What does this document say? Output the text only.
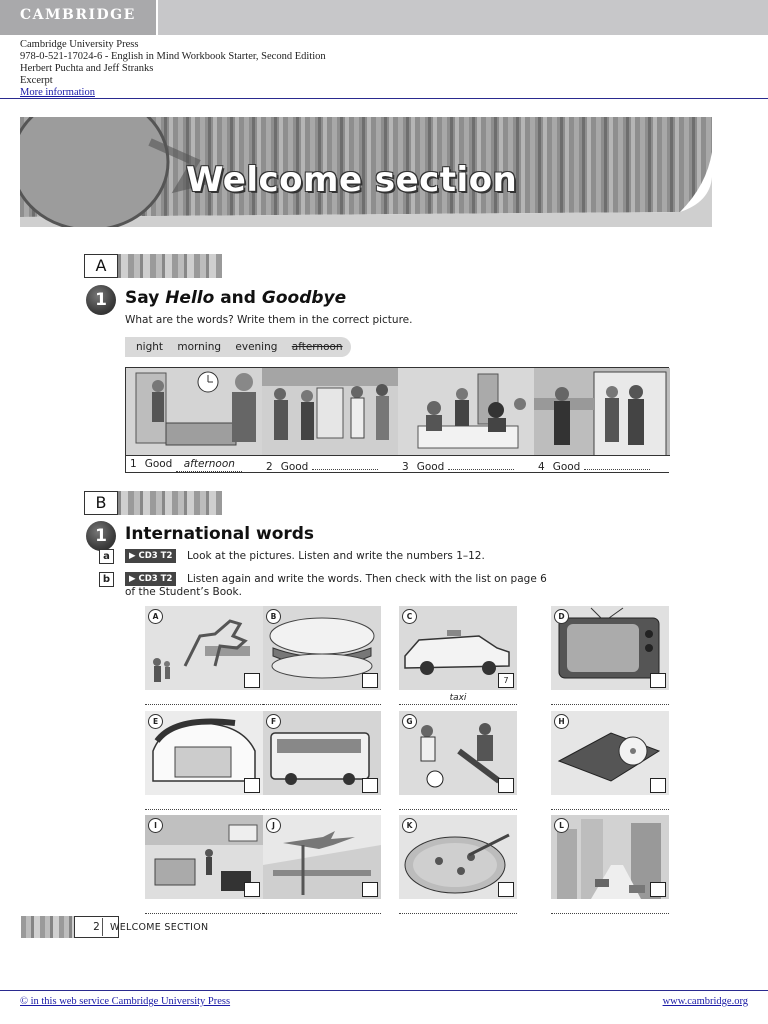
CAMBRIDGE
Cambridge University Press
978-0-521-17024-6 - English in Mind Workbook Starter, Second Edition
Herbert Puchta and Jeff Stranks
Excerpt
More information
Welcome section
A
1	Say Hello and Goodbye
What are the words? Write them in the correct picture.
night morning evening afternoon
1 Good afternoon	2 Good	3 Good	4 Good
B
1	International words
a	▶ CD3 T2	Look at the pictures. Listen and write the numbers 1–12.
b	▶ CD3 T2	Listen again and write the words. Then check with the list on page 6
of the Student’s Book.
A	B	C
7
taxi
D
E	F	G	H
I	J	K	L
2	WELCOME SECTION
© in this web service Cambridge University Press	www.cambridge.org
